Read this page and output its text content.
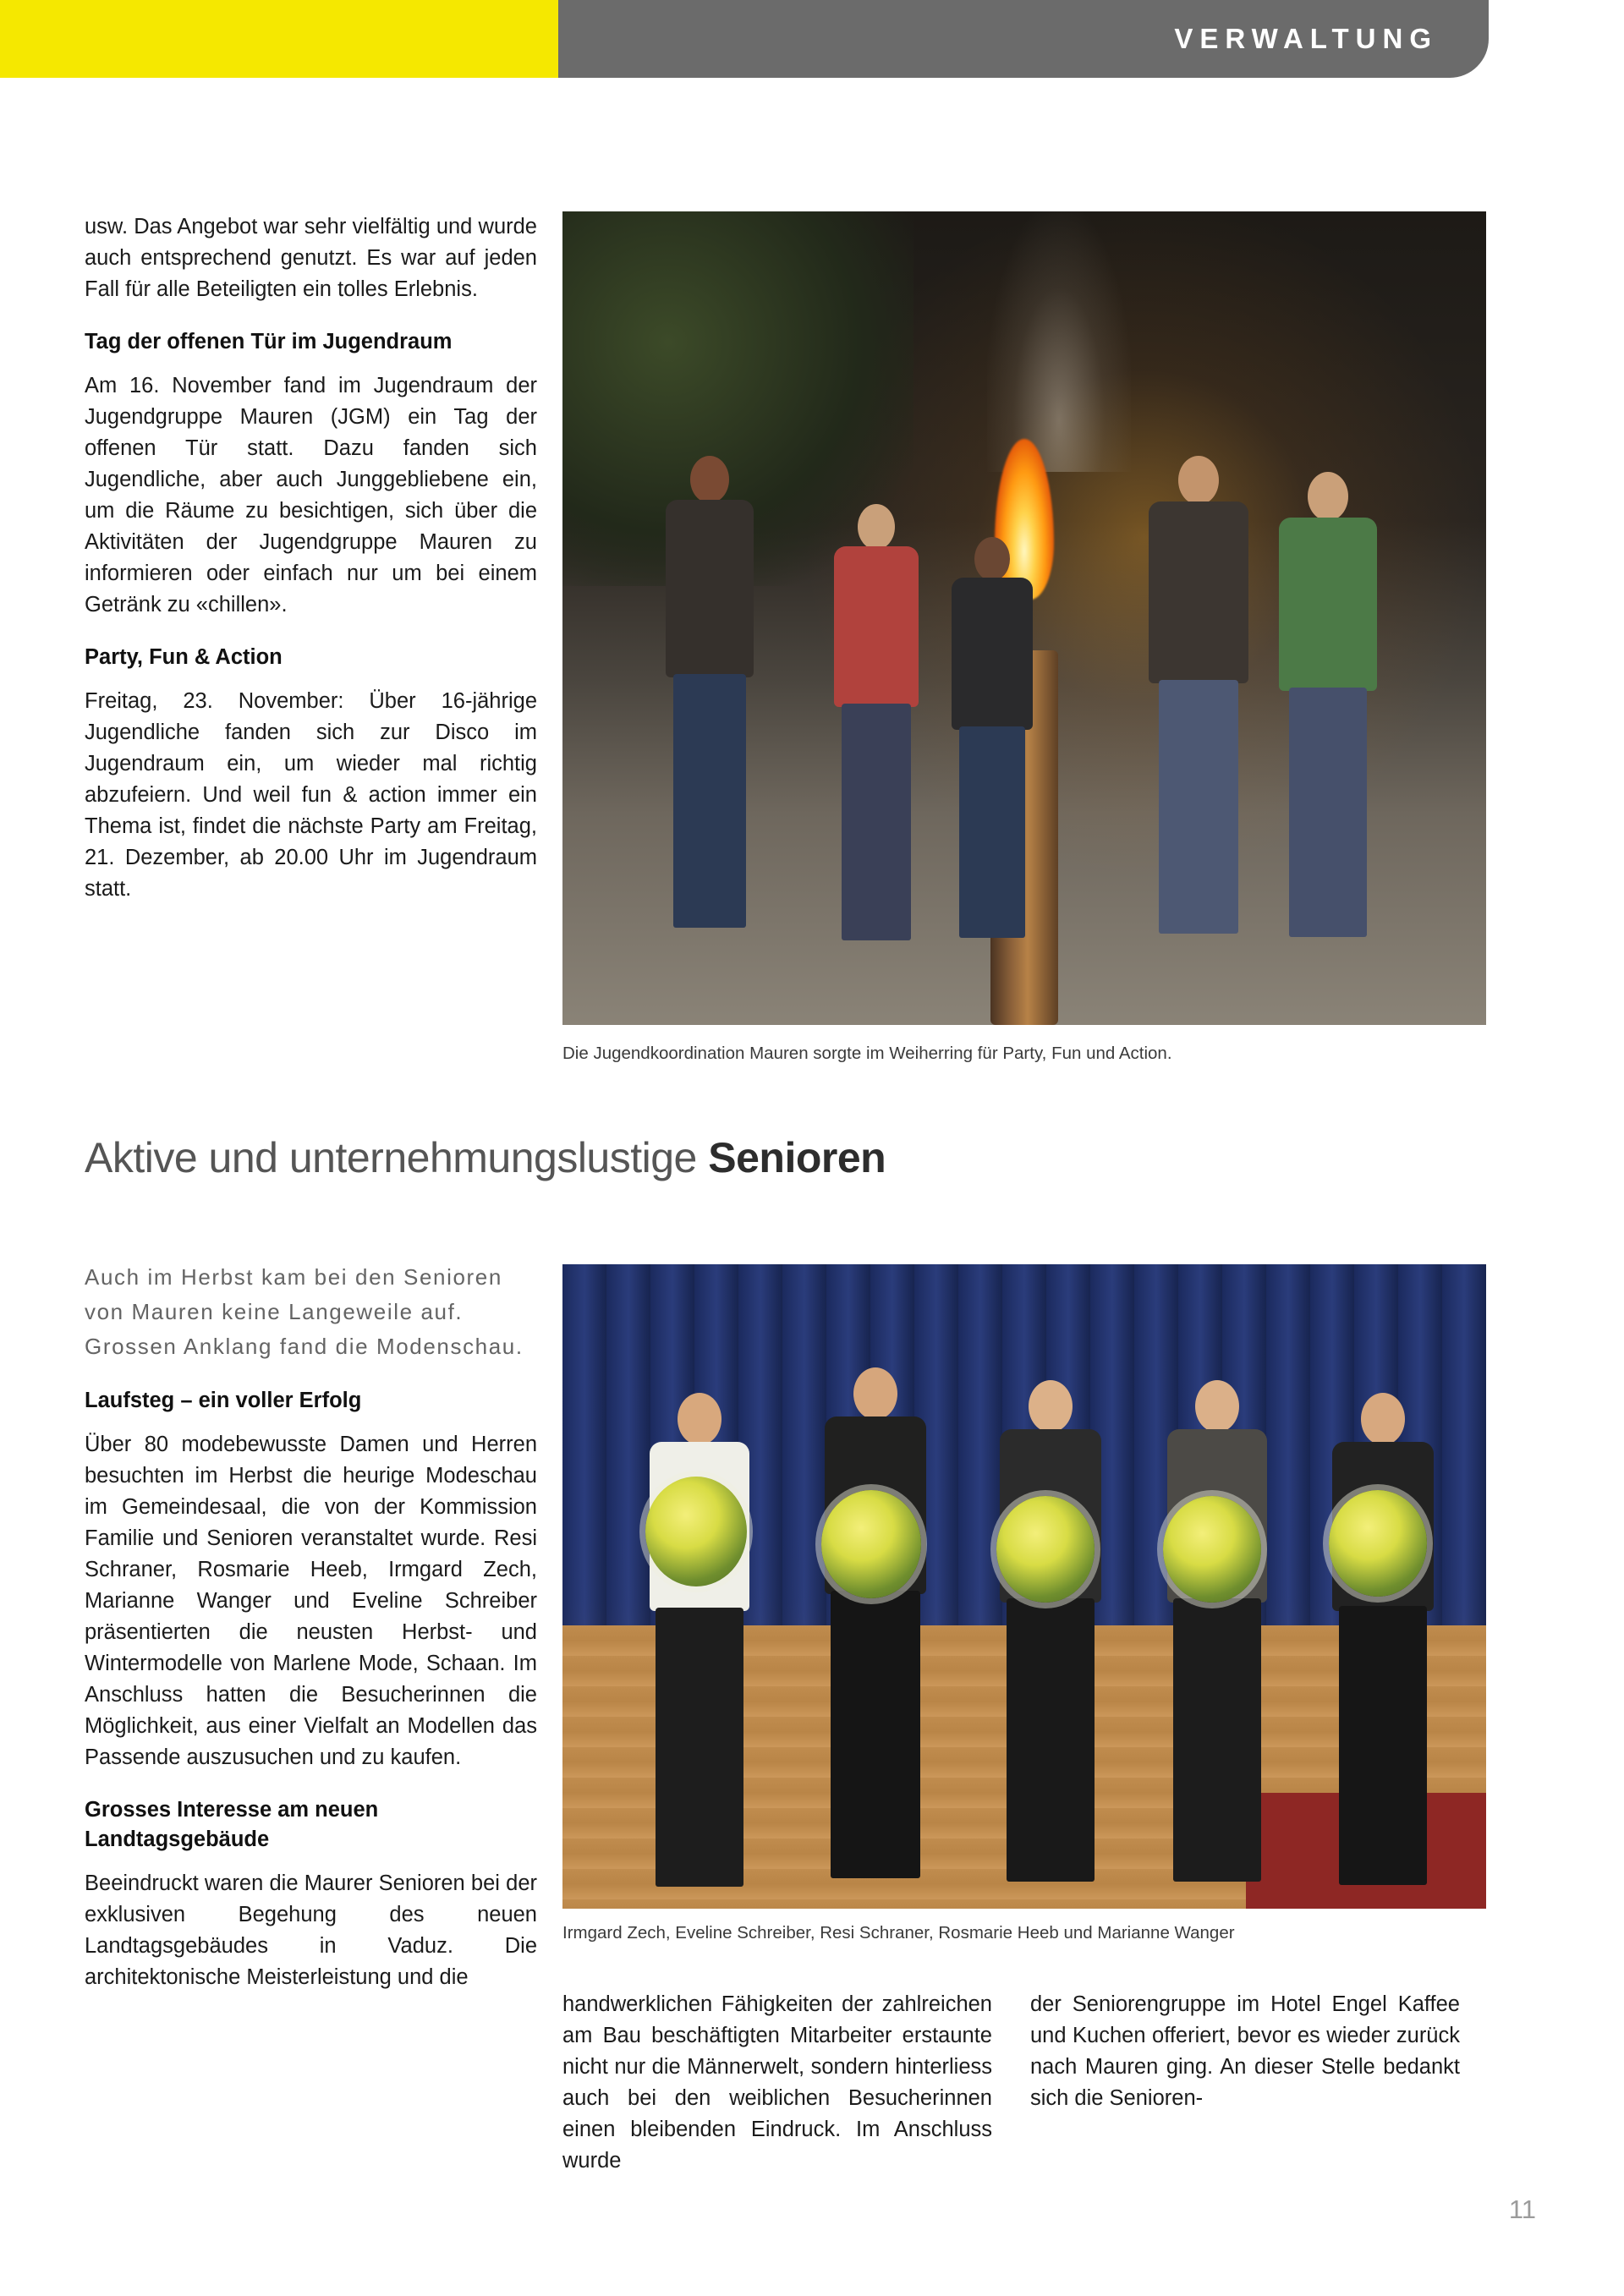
VERWALTUNG

usw. Das Angebot war sehr vielfältig und wurde auch entsprechend genutzt. Es war auf jeden Fall für alle Beteiligten ein tolles Erlebnis.

Tag der offenen Tür im Jugendraum

Am 16. November fand im Jugendraum der Jugendgruppe Mauren (JGM) ein Tag der offenen Tür statt. Dazu fanden sich Jugendliche, aber auch Junggebliebene ein, um die Räume zu besichtigen, sich über die Aktivitäten der Jugendgruppe Mauren zu informieren oder einfach nur um bei einem Getränk zu «chillen».

Party, Fun & Action

Freitag, 23. November: Über 16-jährige Jugendliche fanden sich zur Disco im Jugendraum ein, um wieder mal richtig abzufeiern. Und weil fun & action immer ein Thema ist, findet die nächste Party am Freitag, 21. Dezember, ab 20.00 Uhr im Jugendraum statt.

Die Jugendkoordination Mauren sorgte im Weiherring für Party, Fun und Action.
Aktive und unternehmungslustige Senioren

Auch im Herbst kam bei den Senioren von Mauren keine Langeweile auf. Grossen Anklang fand die Modenschau.

Laufsteg – ein voller Erfolg

Über 80 modebewusste Damen und Herren besuchten im Herbst die heurige Modeschau im Gemeindesaal, die von der Kommission Familie und Senioren veranstaltet wurde. Resi Schraner, Rosmarie Heeb, Irmgard Zech, Marianne Wanger und Eveline Schreiber präsentierten die neusten Herbst- und Wintermodelle von Marlene Mode, Schaan. Im Anschluss hatten die Besucherinnen die Möglichkeit, aus einer Vielfalt an Modellen das Passende auszusuchen und zu kaufen.

Grosses Interesse am neuen Landtagsgebäude

Beeindruckt waren die Maurer Senioren bei der exklusiven Begehung des neuen Landtagsgebäudes in Vaduz. Die architektonische Meisterleistung und die

Irmgard Zech, Eveline Schreiber, Resi Schraner, Rosmarie Heeb und Marianne Wanger
handwerklichen Fähigkeiten der zahlreichen am Bau beschäftigten Mitarbeiter erstaunte nicht nur die Männerwelt, sondern hinterliess auch bei den weiblichen Besucherinnen einen bleibenden Eindruck. Im Anschluss wurde
der Seniorengruppe im Hotel Engel Kaffee und Kuchen offeriert, bevor es wieder zurück nach Mauren ging. An dieser Stelle bedankt sich die Senioren-
11
